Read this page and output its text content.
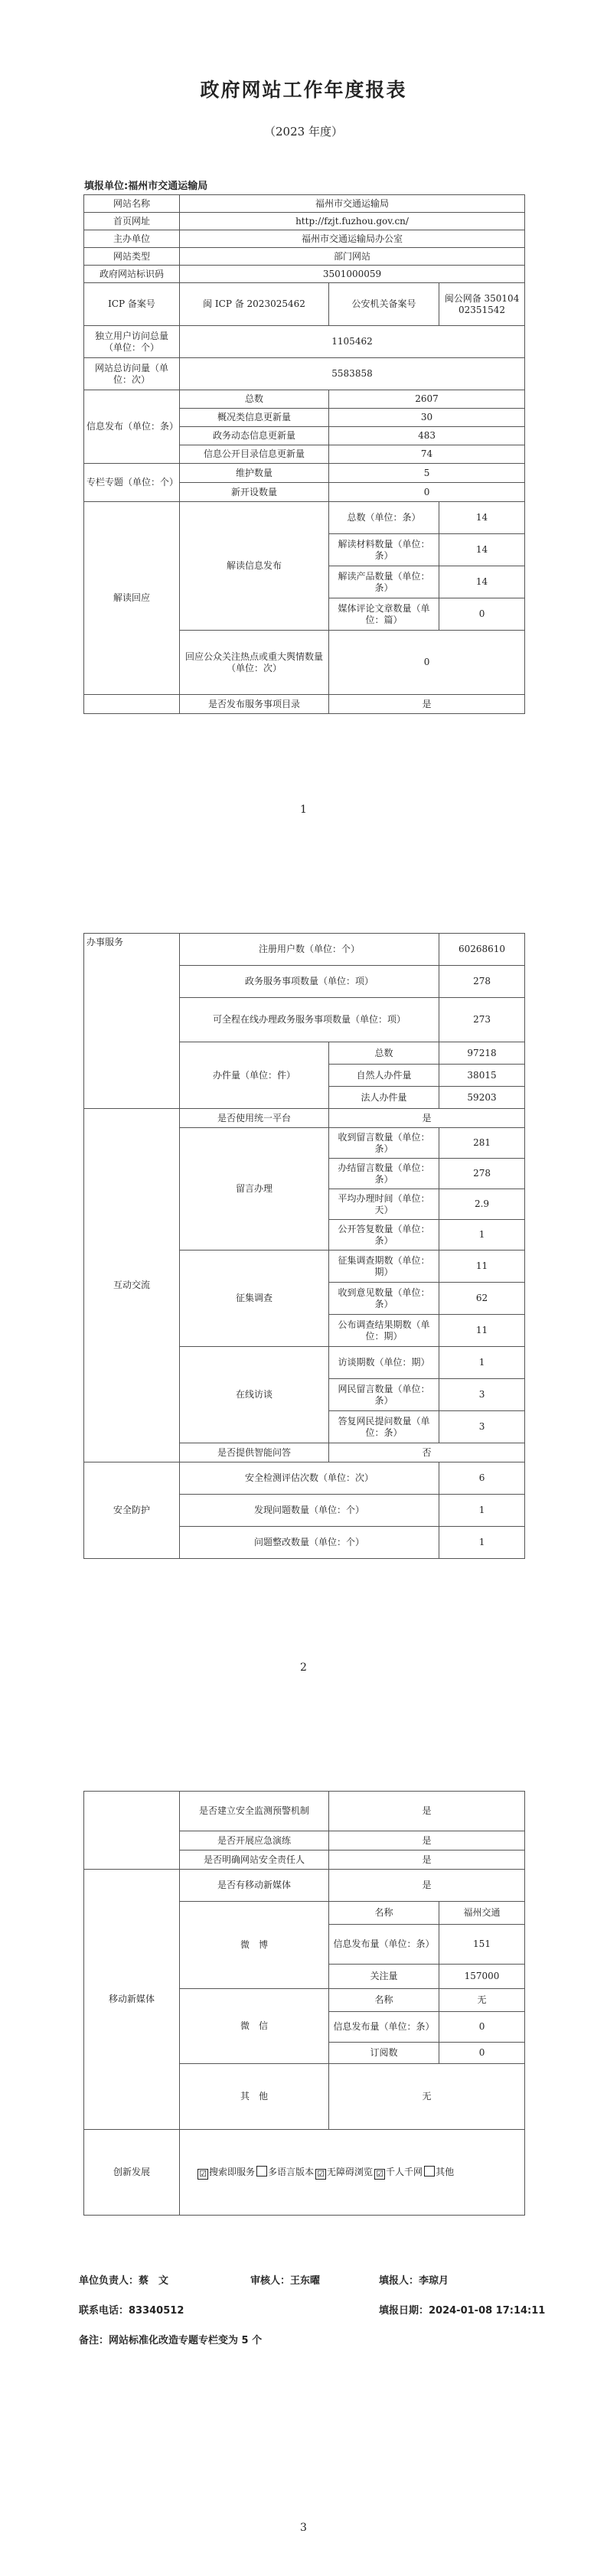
政府网站工作年度报表
（2023 年度）
填报单位:福州市交通运输局
网站名称	福州市交通运输局		
首页网址	http://fzjt.fuzhou.gov.cn/		
主办单位	福州市交通运输局办公室		
网站类型	部门网站		
政府网站标识码	3501000059		
ICP 备案号	闽 ICP 备 2023025462	公安机关备案号	闽公网备 35010402351542
独立用户访问总量（单位：个）	1105462		
网站总访问量（单位：次）	5583858		
信息发布（单位：条）	总数	2607	
	概况类信息更新量	30	
	政务动态信息更新量	483	
	信息公开目录信息更新量	74	
专栏专题（单位：个）	维护数量	5	
	新开设数量	0	
解读回应	解读信息发布	总数（单位：条）	14
		解读材料数量（单位：条）	14
		解读产品数量（单位：条）	14
		媒体评论文章数量（单位：篇）	0
	回应公众关注热点或重大舆情数量（单位：次）	0	
	是否发布服务事项目录	是	
1
办事服务	注册用户数（单位：个）		60268610
	政务服务事项数量（单位：项）		278
	可全程在线办理政务服务事项数量（单位：项）		273
	办件量（单位：件）	总数	97218
		自然人办件量	38015
		法人办件量	59203
互动交流	是否使用统一平台	是	
	留言办理	收到留言数量（单位：条）	281
		办结留言数量（单位：条）	278
		平均办理时间（单位：天）	2.9
		公开答复数量（单位：条）	1
	征集调查	征集调查期数（单位：期）	11
		收到意见数量（单位：条）	62
		公布调查结果期数（单位：期）	11
	在线访谈	访谈期数（单位：期）	1
		网民留言数量（单位：条）	3
		答复网民提问数量（单位：条）	3
	是否提供智能问答	否	
安全防护	安全检测评估次数（单位：次）		6
	发现问题数量（单位：个）		1
	问题整改数量（单位：个）		1
2
	是否建立安全监测预警机制	是	
	是否开展应急演练	是	
	是否明确网站安全责任人	是	
移动新媒体	是否有移动新媒体	是	
	微　博	名称	福州交通
		信息发布量（单位：条）	151
		关注量	157000
	微　信	名称	无
		信息发布量（单位：条）	0
		订阅数	0
	其　他	无	
创新发展	☑ 搜索即服务 多语言版本 ☑ 无障碍浏览 ☑ 千人千网 其他		
单位负责人：蔡　文	审核人：王东曜	填报人：李琼月
联系电话：83340512	填报日期：2024-01-08 17:14:11
备注：网站标准化改造专题专栏变为 5 个
3
